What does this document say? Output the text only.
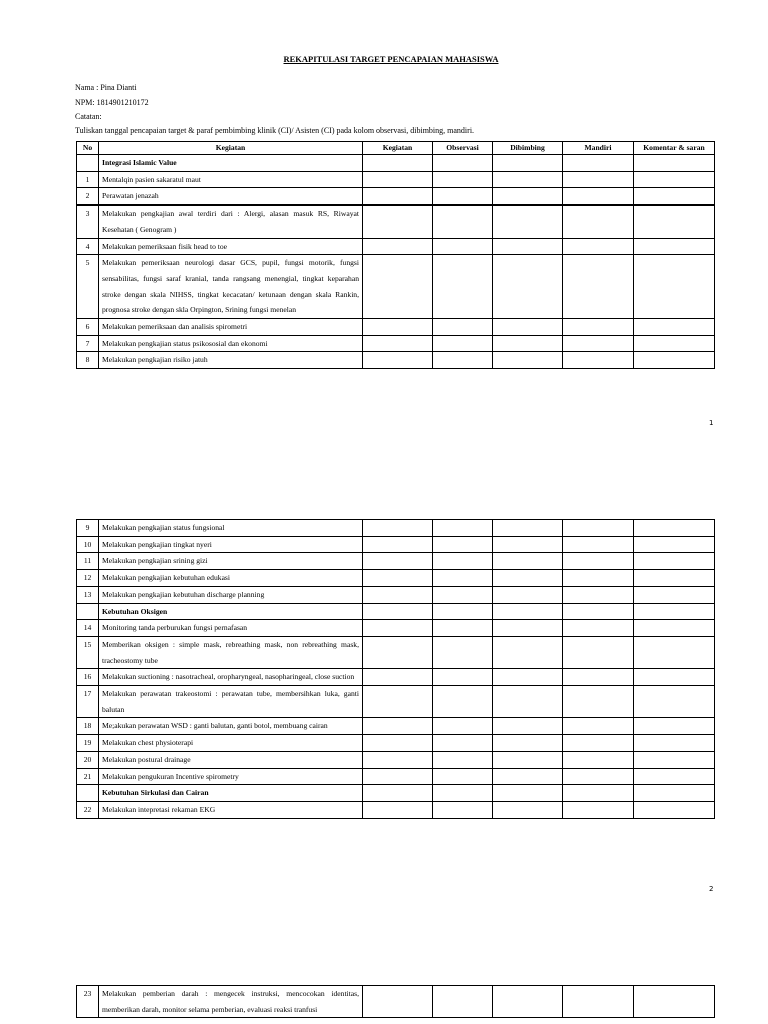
REKAPITULASI TARGET PENCAPAIAN MAHASISWA
Nama : Pina Dianti
NPM: 1814901210172
Catatan:
Tuliskan tanggal pencapaian target & paraf pembimbing klinik (CI)/ Asisten (CI) pada kolom observasi, dibimbing, mandiri.
No	Kegiatan	Kegiatan	Observasi	Dibimbing	Mandiri	Komentar & saran
	Integrasi Islamic Value					
1	Mentalqin pasien sakaratul maut					
2	Perawatan jenazah					

3	Melakukan pengkajian awal terdiri dari : Alergi, alasan masuk RS, Riwayat Kesehatan ( Genogram )					
4	Melakukan pemeriksaan fisik head to toe					
5	Melakukan pemeriksaan neurologi dasar GCS, pupil, fungsi motorik, fungsi sensabilitas, fungsi saraf kranial, tanda rangsang menengial, tingkat keparahan stroke dengan skala NIHSS, tingkat kecacatan/ ketunaan dengan skala Rankin, prognosa stroke dengan skla Orpington, Srining fungsi menelan					
6	Melakukan pemeriksaan dan analisis spirometri					
7	Melakukan pengkajian status psikososial dan ekonomi					
8	Melakukan pengkajian risiko jatuh					
1
9	Melakukan pengkajian status fungsional					
10	Melakukan pengkajian tingkat nyeri					
11	Melakukan pengkajian srining gizi					
12	Melakukan pengkajian kebutuhan edukasi					
13	Melakukan pengkajian kebutuhan discharge planning					
	Kebutuhan Oksigen					
14	Monitoring tanda perburukan fungsi pernafasan					
15	Memberikan oksigen : simple mask, rebreathing mask, non rebreathing mask, tracheostomy tube					
16	Melakukan suctioning : nasotracheal, oropharyngeal, nasopharingeal, close suction					
17	Melakukan perawatan trakeostomi : perawatan tube, membersihkan luka, ganti balutan					
18	Me;akukan perawatan WSD : ganti balutan, ganti botol, membuang cairan					
19	Melakukan chest physioterapi					
20	Melakukan postural drainage					
21	Melakukan pengukuran Incentive spirometry					
	Kebutuhan Sirkulasi dan Cairan					
22	Melakukan intepretasi rekaman EKG					
2
23	Melakukan pemberian darah : mengecek instruksi, mencocokan identitas, memberikan darah, monitor selama pemberian, evaluasi reaksi tranfusi					
